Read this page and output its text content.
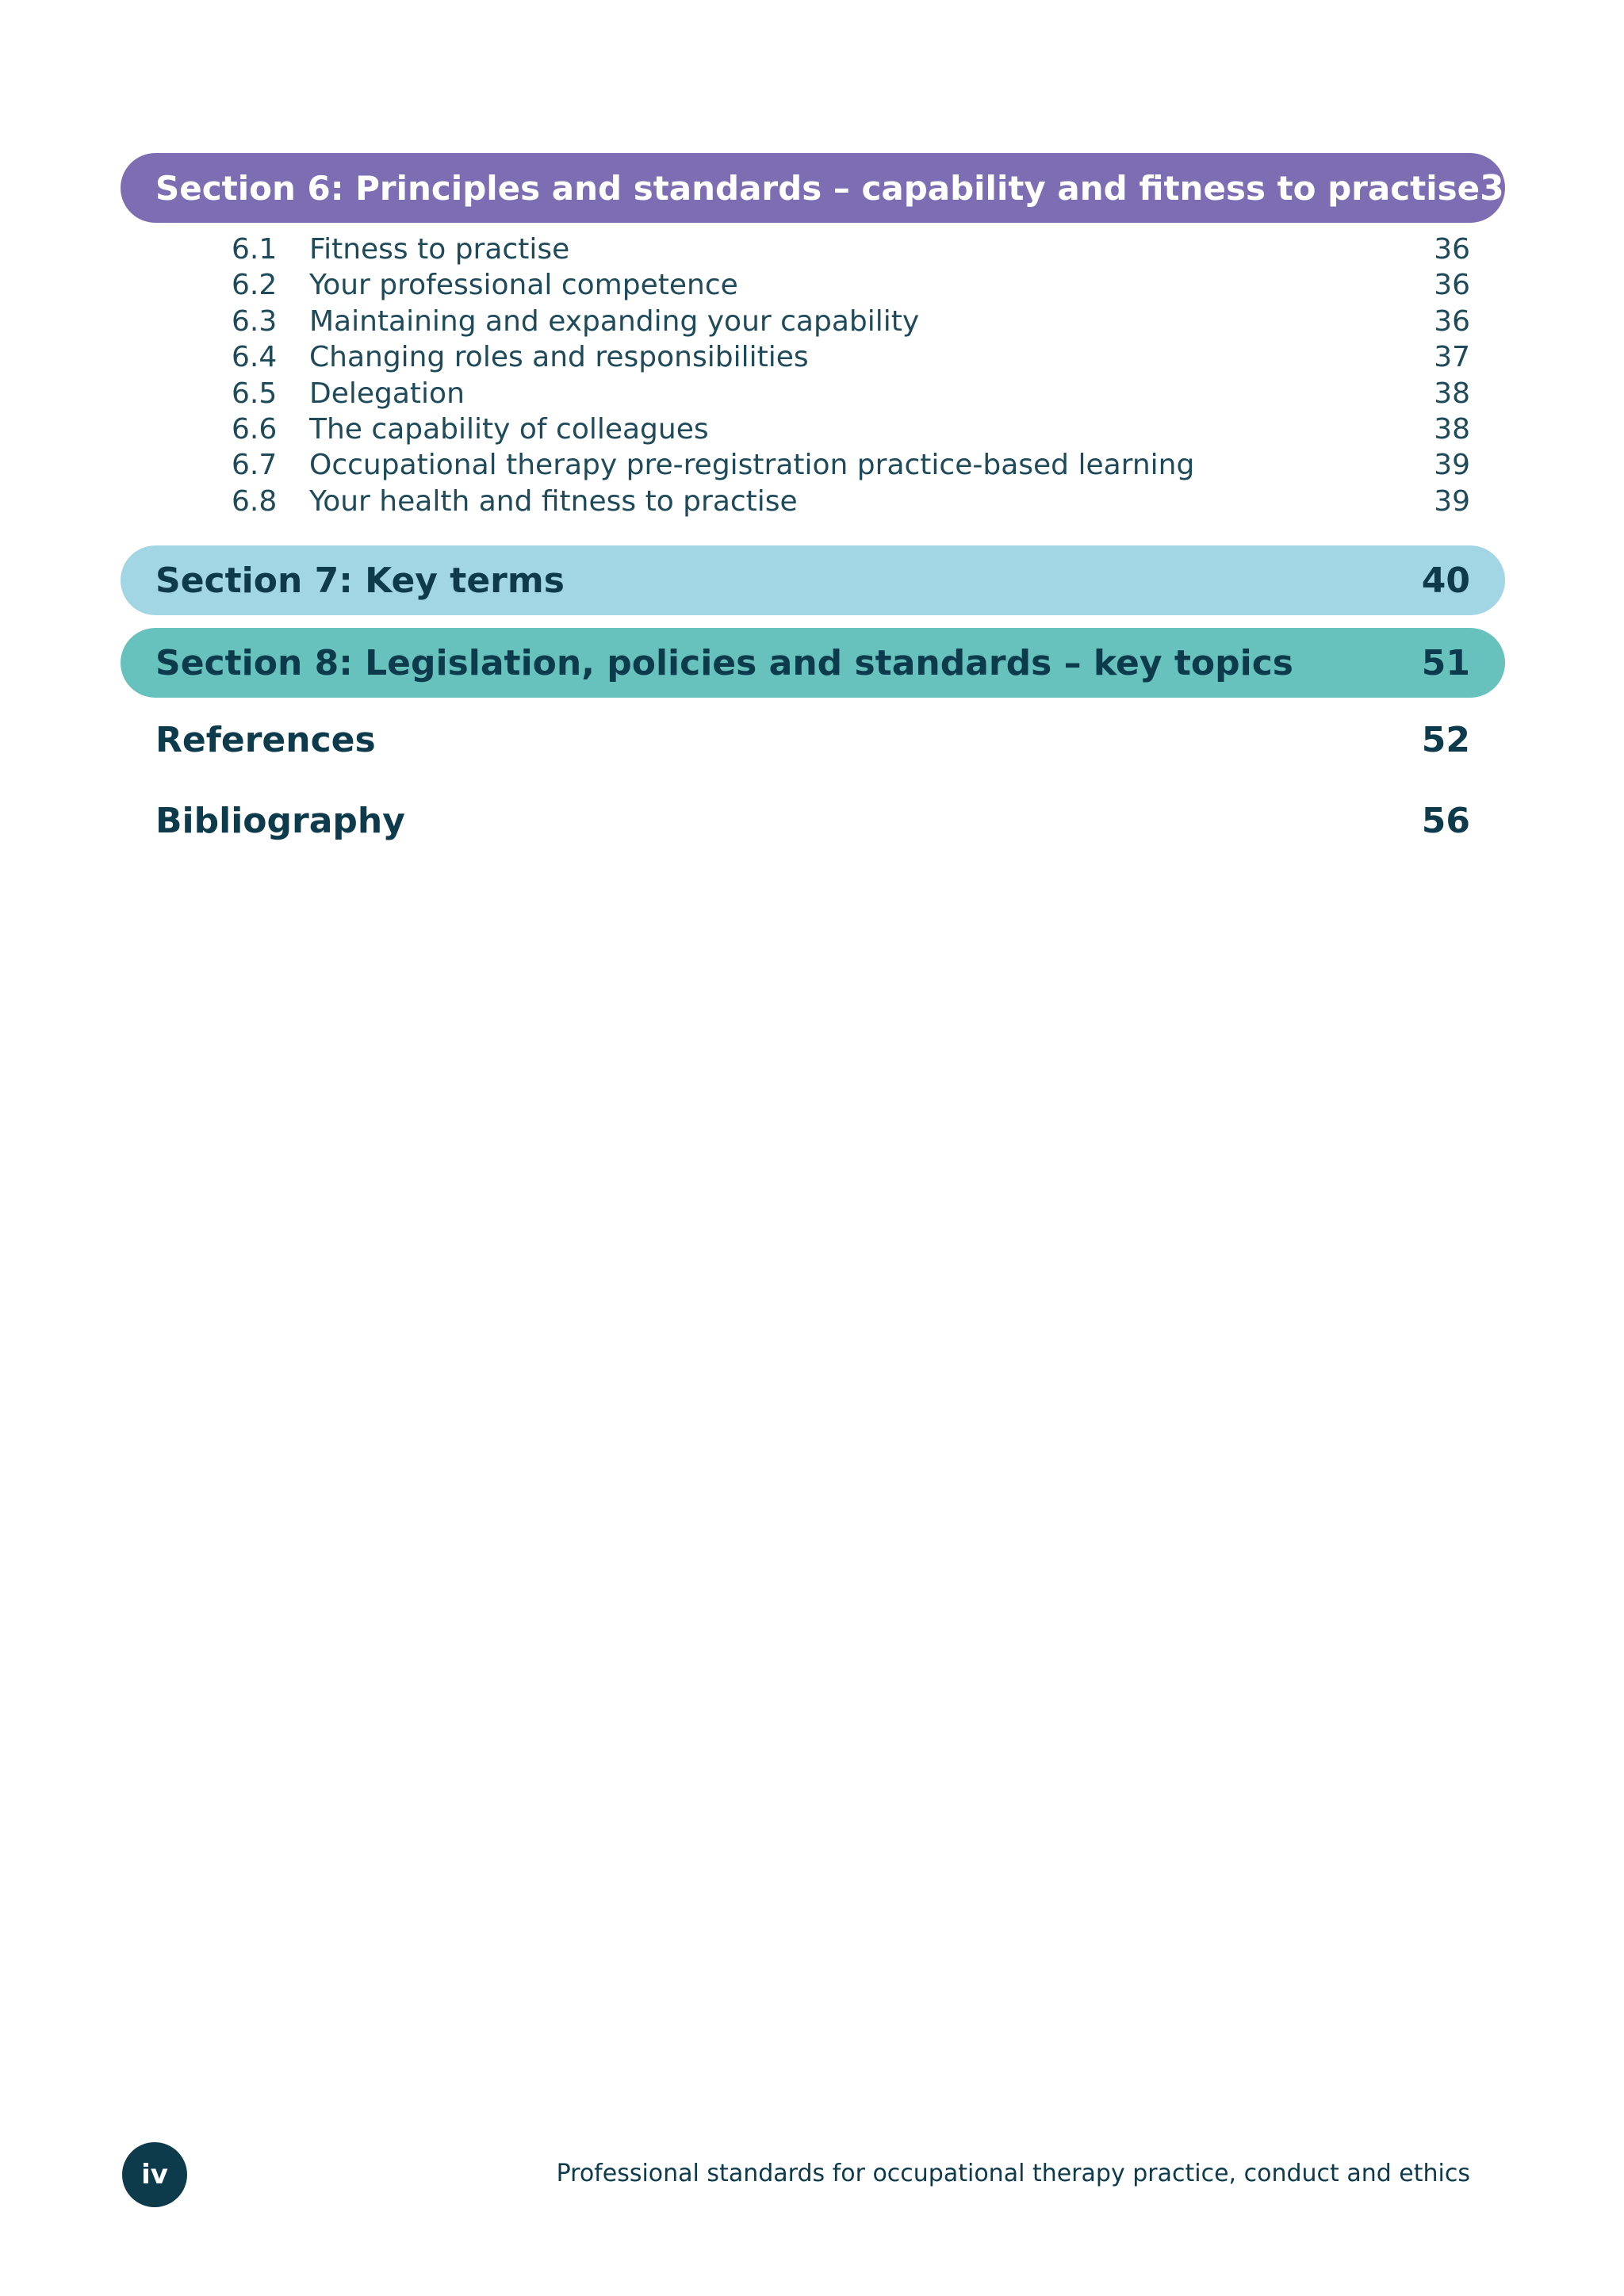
Section 6: Principles and standards – capability and fitness to practise 35
6.1 Fitness to practise	36
6.2 Your professional competence	36
6.3 Maintaining and expanding your capability	36
6.4 Changing roles and responsibilities	37
6.5 Delegation	38
6.6 The capability of colleagues	38
6.7 Occupational therapy pre-registration practice-based learning	39
6.8 Your health and fitness to practise	39
Section 7: Key terms	40
Section 8: Legislation, policies and standards – key topics	51
References	52
Bibliography	56
iv	Professional standards for occupational therapy practice, conduct and ethics
